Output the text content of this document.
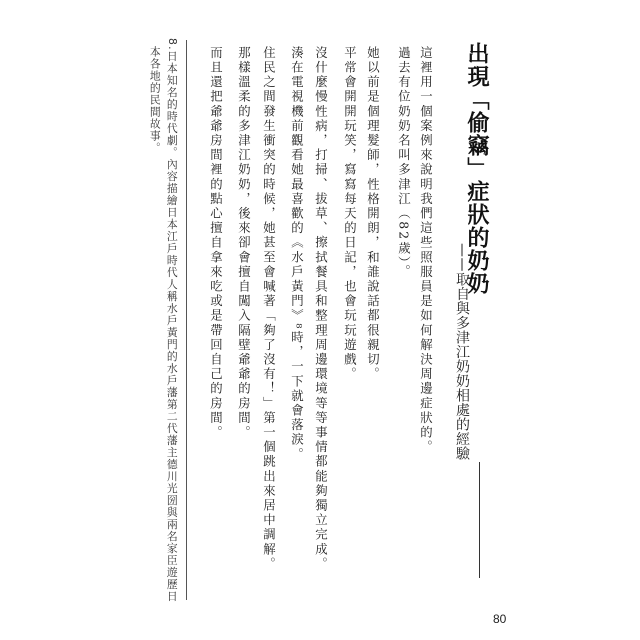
出現「偷竊」症狀的奶奶
——取自與多津江奶奶相處的經驗
這裡用一個案例來說明我們這些照服員是如何解決周邊症狀的。
過去有位奶奶名叫多津江（82歲）。
她以前是個理髮師，性格開朗，和誰說話都很親切。
平常會開開玩笑，寫寫每天的日記，也會玩玩遊戲。
沒什麼慢性病，打掃、拔草、擦拭餐具和整理周邊環境等等事情都能夠獨立完成。
湊在電視機前觀看她最喜歡的《水戶黃門》⁸時，一下就會落淚。
住民之間發生衝突的時候，她甚至會喊著「夠了沒有！」第一個跳出來居中調解。
那樣溫柔的多津江奶奶，後來卻會擅自闖入隔壁爺爺的房間。
而且還把爺爺房間裡的點心擅自拿來吃或是帶回自己的房間。
8.日本知名的時代劇。內容描繪日本江戶時代人稱水戶黃門的水戶藩第二代藩主德川光圀與兩名家臣遊歷日
本各地的民間故事。
80
